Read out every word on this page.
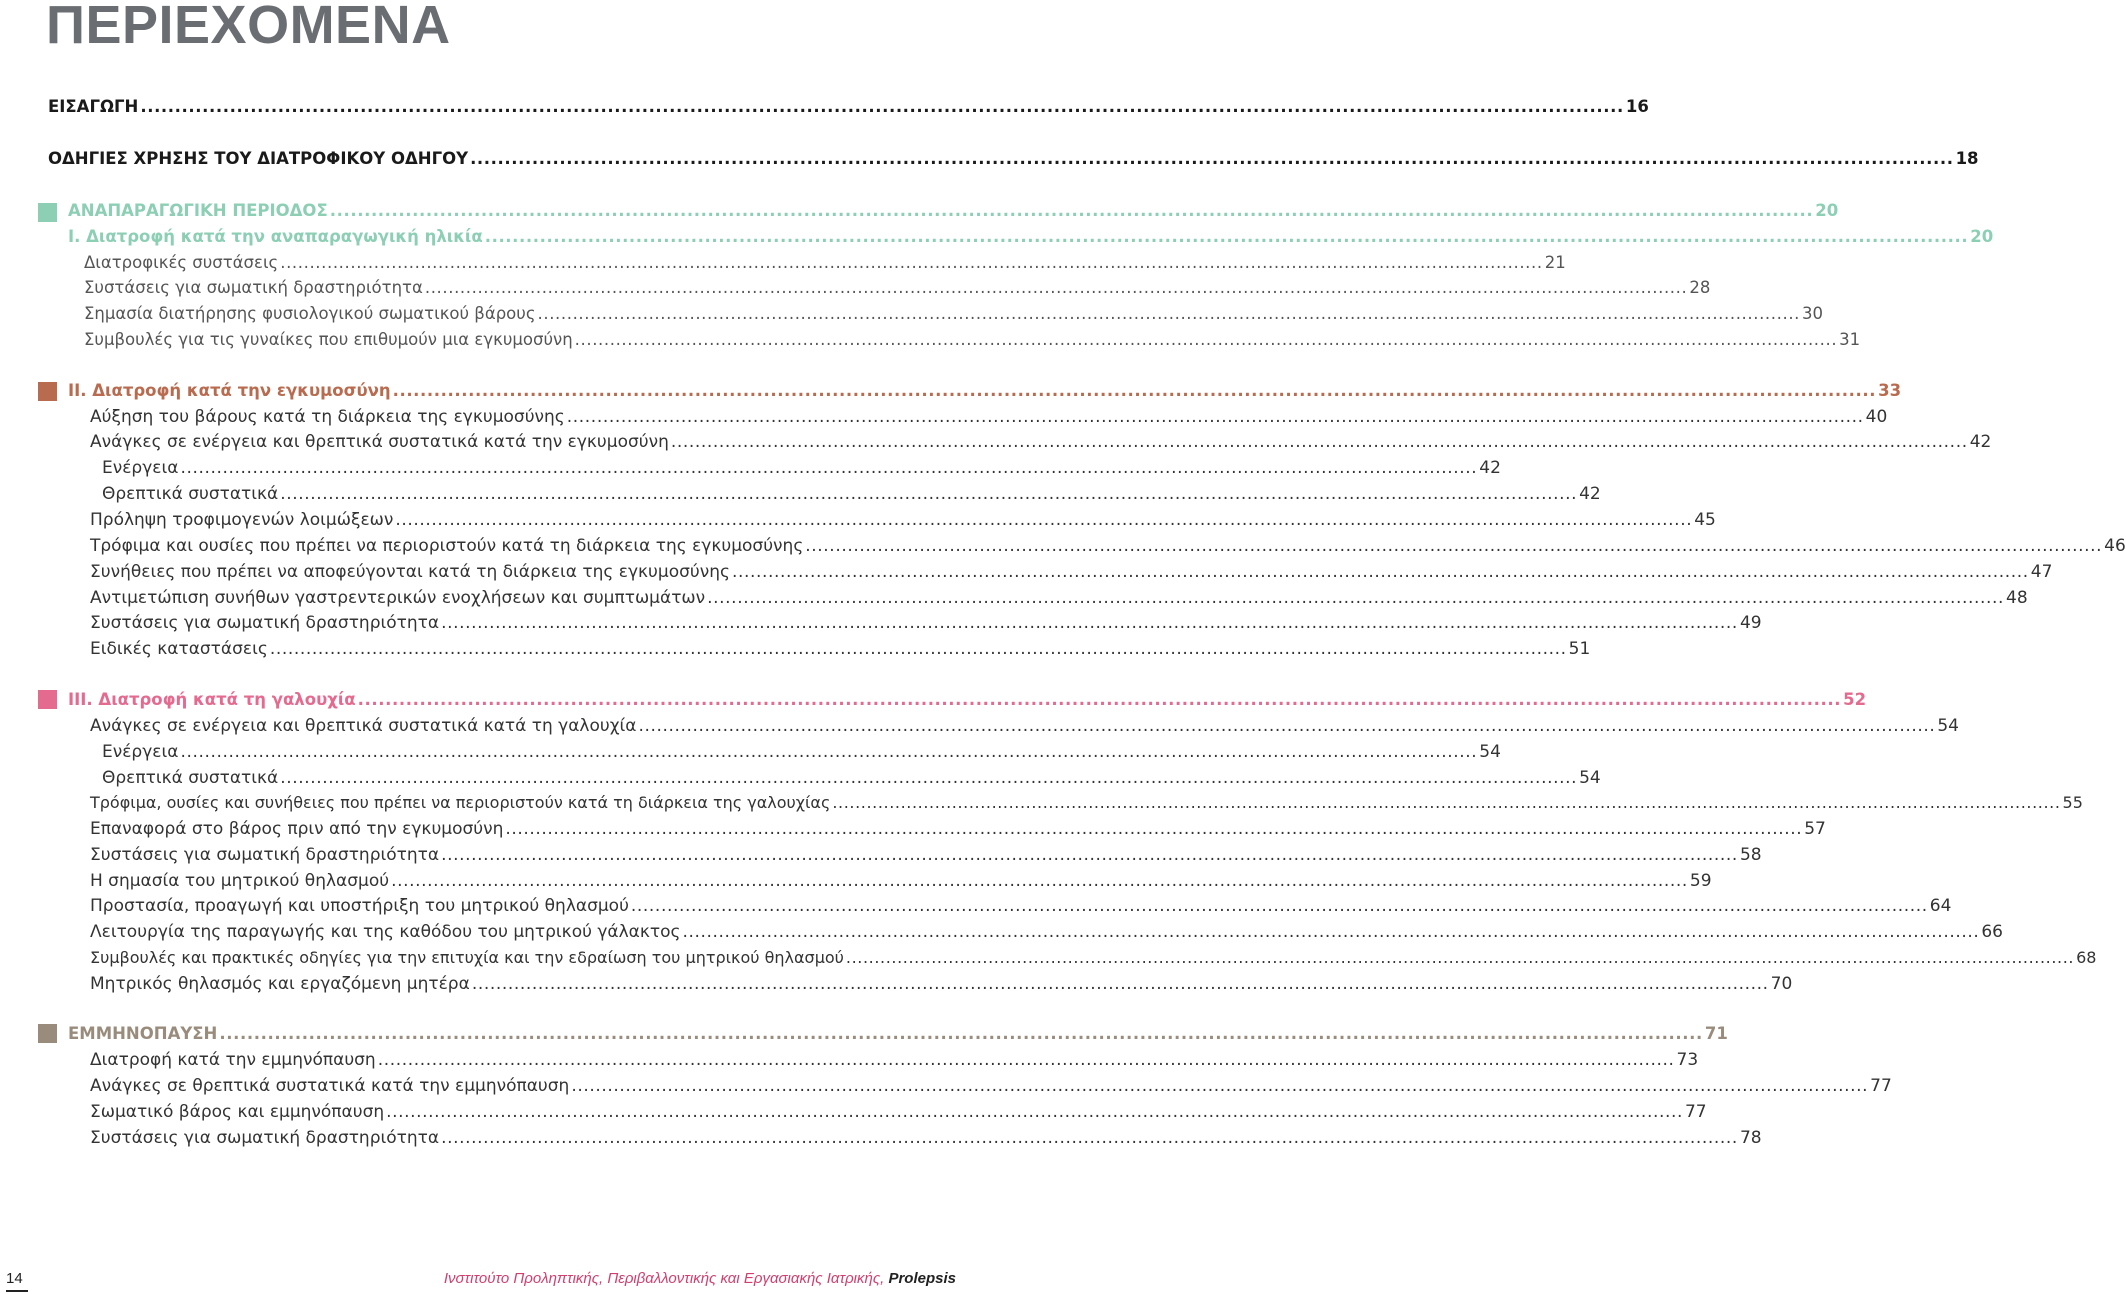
ΠΕΡΙΕΧΟΜΕΝΑ
ΕΙΣΑΓΩΓΗ ........................................................................................................................................................................................................................ 16
ΟΔΗΓΙΕΣ ΧΡΗΣΗΣ ΤΟΥ ΔΙΑΤΡΟΦΙΚΟΥ ΟΔΗΓΟΥ ........................................................................................................................................................................................................................ 18
ΑΝΑΠΑΡΑΓΩΓΙΚΗ ΠΕΡΙΟΔΟΣ ........................................................................................................................................................................................................................ 20
I. Διατροφή κατά την αναπαραγωγική ηλικία ........................................................................................................................................................................................................................ 20
Διατροφικές συστάσεις ........................................................................................................................................................................................................................ 21
Συστάσεις για σωματική δραστηριότητα ........................................................................................................................................................................................................................ 28
Σημασία διατήρησης φυσιολογικού σωματικού βάρους ........................................................................................................................................................................................................................ 30
Συμβουλές για τις γυναίκες που επιθυμούν μια εγκυμοσύνη ........................................................................................................................................................................................................................ 31
II. Διατροφή κατά την εγκυμοσύνη ........................................................................................................................................................................................................................ 33
Αύξηση του βάρους κατά τη διάρκεια της εγκυμοσύνης ........................................................................................................................................................................................................................ 40
Ανάγκες σε ενέργεια και θρεπτικά συστατικά κατά την εγκυμοσύνη ........................................................................................................................................................................................................................ 42
Ενέργεια ........................................................................................................................................................................................................................ 42
Θρεπτικά συστατικά ........................................................................................................................................................................................................................ 42
Πρόληψη τροφιμογενών λοιμώξεων ........................................................................................................................................................................................................................ 45
Τρόφιμα και ουσίες που πρέπει να περιοριστούν κατά τη διάρκεια της εγκυμοσύνης ........................................................................................................................................................................................................................ 46
Συνήθειες που πρέπει να αποφεύγονται κατά τη διάρκεια της εγκυμοσύνης ........................................................................................................................................................................................................................ 47
Αντιμετώπιση συνήθων γαστρεντερικών ενοχλήσεων και συμπτωμάτων ........................................................................................................................................................................................................................ 48
Συστάσεις για σωματική δραστηριότητα ........................................................................................................................................................................................................................ 49
Ειδικές καταστάσεις ........................................................................................................................................................................................................................ 51
III. Διατροφή κατά τη γαλουχία ........................................................................................................................................................................................................................ 52
Ανάγκες σε ενέργεια και θρεπτικά συστατικά κατά τη γαλουχία ........................................................................................................................................................................................................................ 54
Ενέργεια ........................................................................................................................................................................................................................ 54
Θρεπτικά συστατικά ........................................................................................................................................................................................................................ 54
Τρόφιμα, ουσίες και συνήθειες που πρέπει να περιοριστούν κατά τη διάρκεια της γαλουχίας ........................................................................................................................................................................................................................ 55
Επαναφορά στο βάρος πριν από την εγκυμοσύνη ........................................................................................................................................................................................................................ 57
Συστάσεις για σωματική δραστηριότητα ........................................................................................................................................................................................................................ 58
Η σημασία του μητρικού θηλασμού ........................................................................................................................................................................................................................ 59
Προστασία, προαγωγή και υποστήριξη του μητρικού θηλασμού ........................................................................................................................................................................................................................ 64
Λειτουργία της παραγωγής και της καθόδου του μητρικού γάλακτος ........................................................................................................................................................................................................................ 66
Συμβουλές και πρακτικές οδηγίες για την επιτυχία και την εδραίωση του μητρικού θηλασμού ........................................................................................................................................................................................................................ 68
Μητρικός θηλασμός και εργαζόμενη μητέρα ........................................................................................................................................................................................................................ 70
ΕΜΜΗΝΟΠΑΥΣΗ ........................................................................................................................................................................................................................ 71
Διατροφή κατά την εμμηνόπαυση ........................................................................................................................................................................................................................ 73
Ανάγκες σε θρεπτικά συστατικά κατά την εμμηνόπαυση ........................................................................................................................................................................................................................ 77
Σωματικό βάρος και εμμηνόπαυση ........................................................................................................................................................................................................................ 77
Συστάσεις για σωματική δραστηριότητα ........................................................................................................................................................................................................................ 78
14	Ινστιτούτο Προληπτικής, Περιβαλλοντικής και Εργασιακής Ιατρικής, Prolepsis
